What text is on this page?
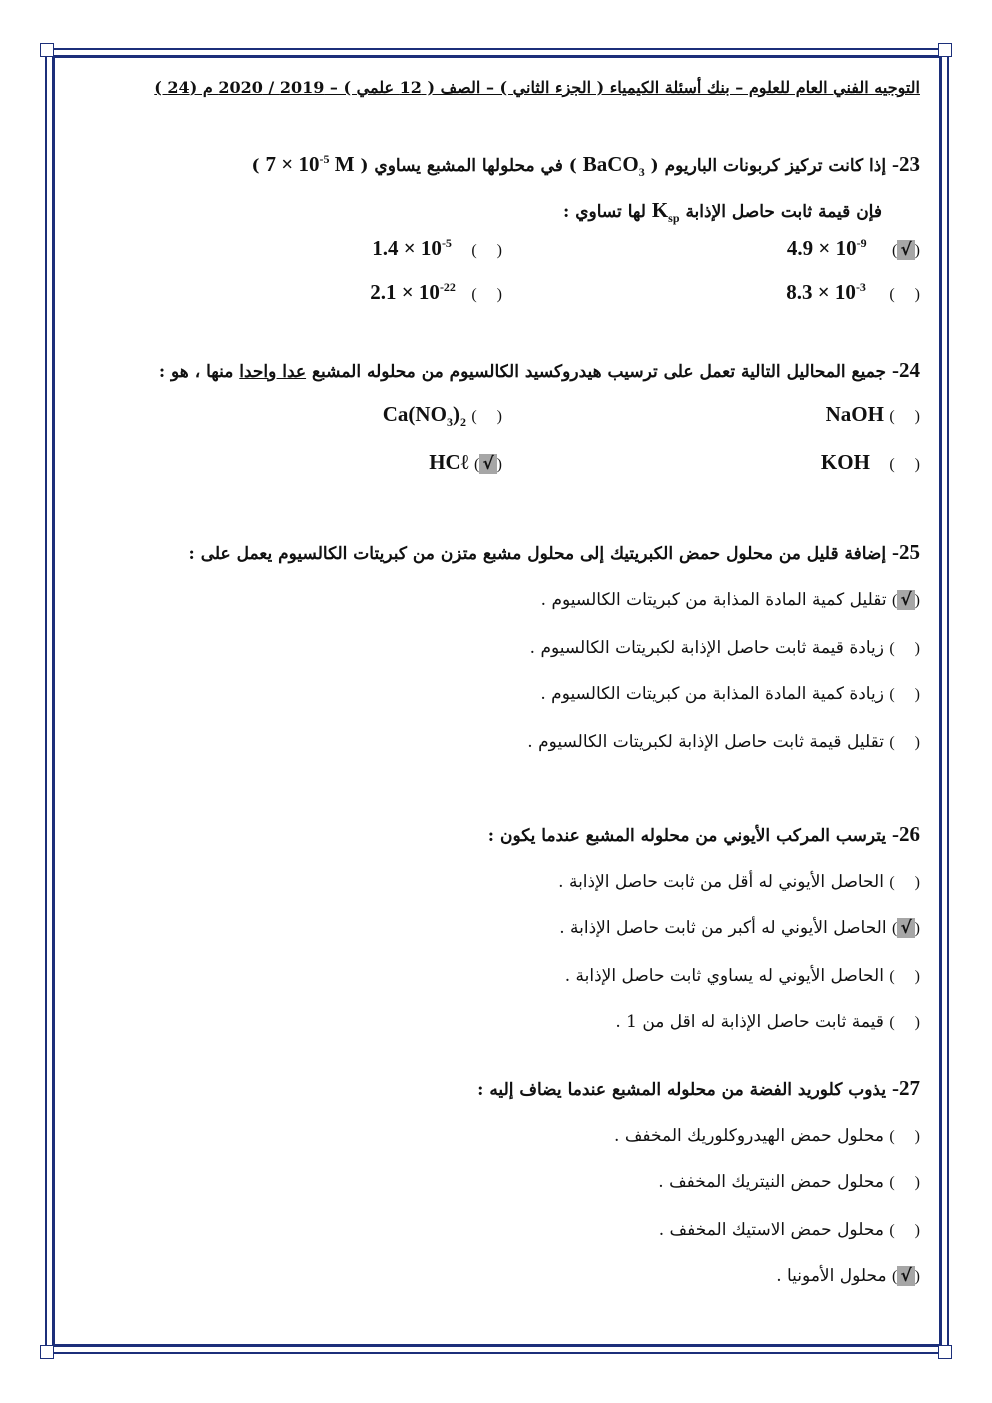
التوجيه الفني العام للعلوم – بنك أسئلة الكيمياء ( الجزء الثاني ) – الصف ( 12 علمي ) – 2019 / 2020 م (24 )
23- إذا كانت تركيز كربونات الباريوم ( BaCO$_3$ ) في محلولها المشبع يساوي ( $7 \times 10^{-5}$ M )
فإن قيمة ثابت حاصل الإذابة $K_{sp}$ لها تساوي :
(√) $4.9 \times 10^{-9}$
() $1.4 \times 10^{-5}$
() $8.3 \times 10^{-3}$
() $2.1 \times 10^{-22}$
24- جميع المحاليل التالية تعمل على ترسيب هيدروكسيد الكالسيوم من محلوله المشبع عدا واحدا منها ، هو :
() NaOH
() $Ca(NO_3)_2$
() KOH
(√) HCℓ
25- إضافة قليل من محلول حمض الكبريتيك إلى محلول مشبع متزن من كبريتات الكالسيوم يعمل على :
(√) تقليل كمية المادة المذابة من كبريتات الكالسيوم .
() زيادة قيمة ثابت حاصل الإذابة لكبريتات الكالسيوم .
() زيادة كمية المادة المذابة من كبريتات الكالسيوم .
() تقليل قيمة ثابت حاصل الإذابة لكبريتات الكالسيوم .
26- يترسب المركب الأيوني من محلوله المشبع عندما يكون :
() الحاصل الأيوني له أقل من ثابت حاصل الإذابة .
(√) الحاصل الأيوني له أكبر من ثابت حاصل الإذابة .
() الحاصل الأيوني له يساوي ثابت حاصل الإذابة .
() قيمة ثابت حاصل الإذابة له اقل من 1 .
27- يذوب كلوريد الفضة من محلوله المشبع عندما يضاف إليه :
() محلول حمض الهيدروكلوريك المخفف .
() محلول حمض النيتريك المخفف .
() محلول حمض الاستيك المخفف .
(√) محلول الأمونيا .
